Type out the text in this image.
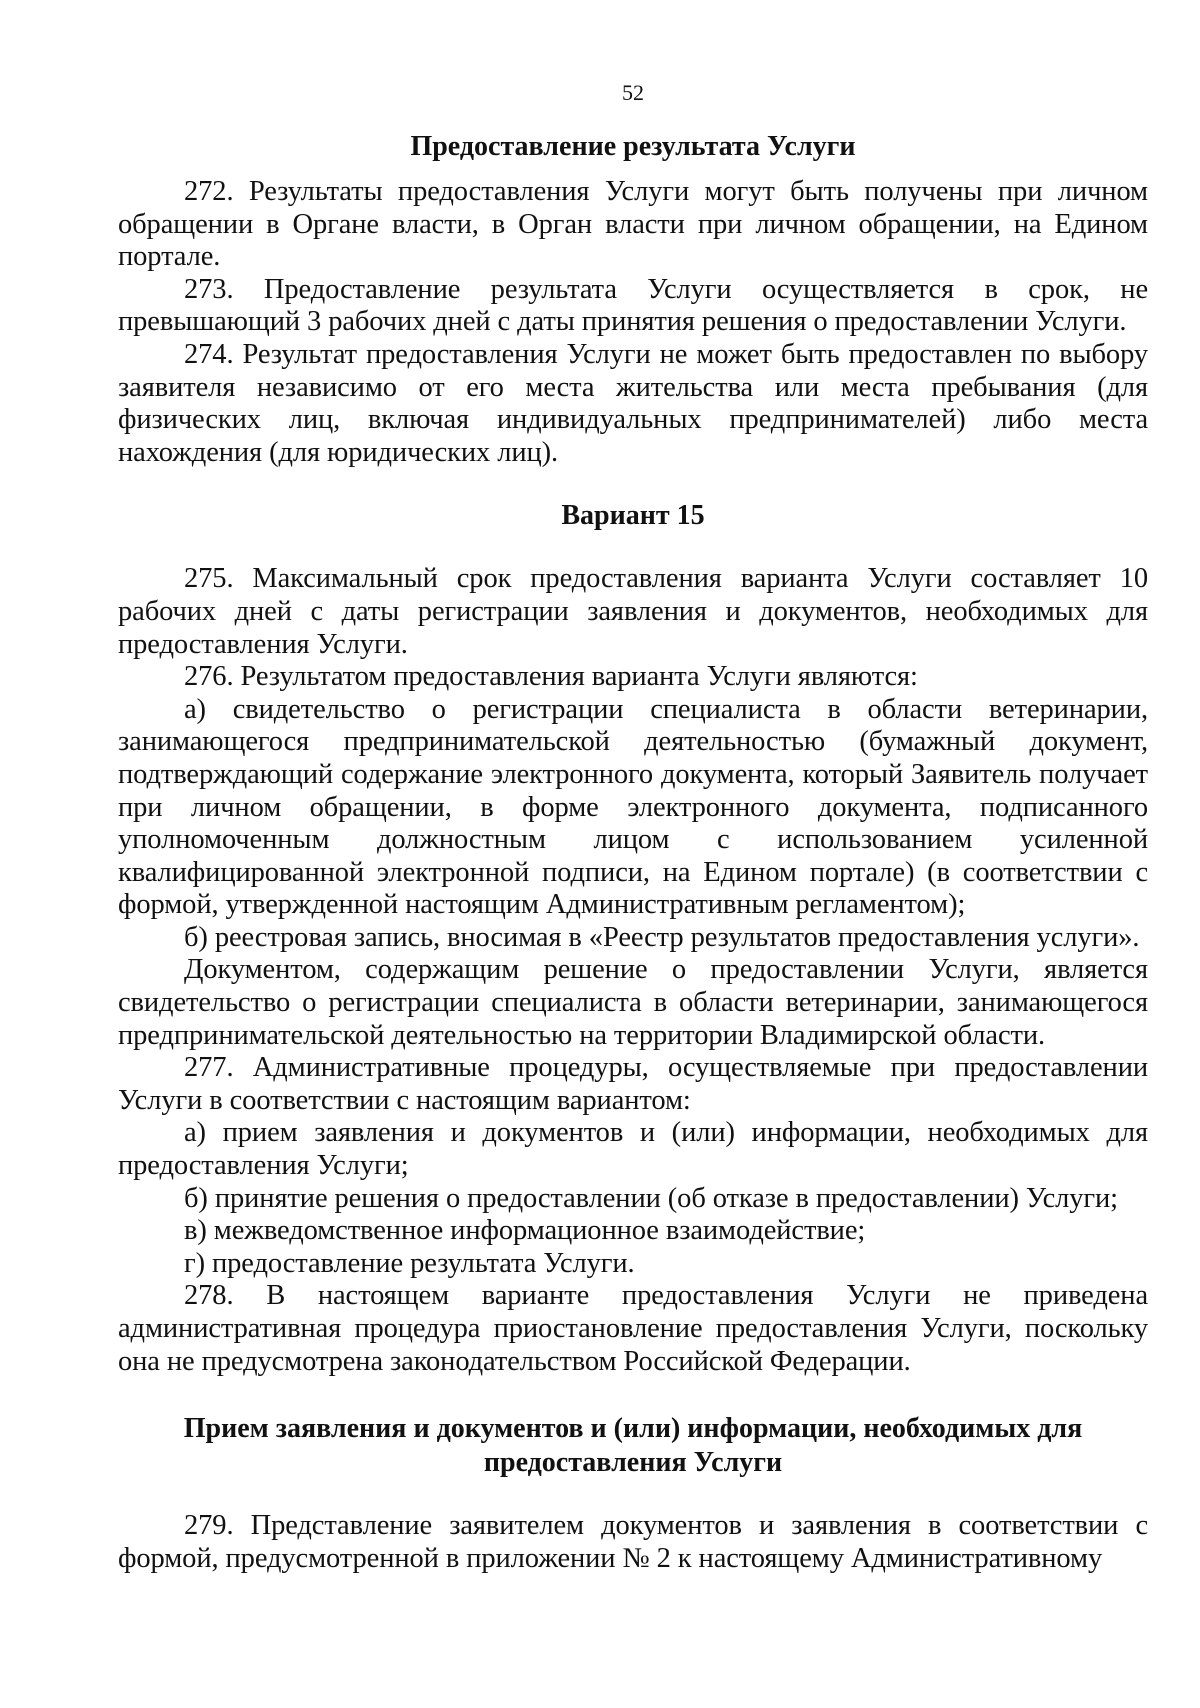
52
Предоставление результата Услуги

272. Результаты предоставления Услуги могут быть получены при личном обращении в Органе власти, в Орган власти при личном обращении, на Едином портале.

273. Предоставление результата Услуги осуществляется в срок, не превышающий 3 рабочих дней с даты принятия решения о предоставлении Услуги.

274. Результат предоставления Услуги не может быть предоставлен по выбору заявителя независимо от его места жительства или места пребывания (для физических лиц, включая индивидуальных предпринимателей) либо места нахождения (для юридических лиц).

Вариант 15

275. Максимальный срок предоставления варианта Услуги составляет 10 рабочих дней с даты регистрации заявления и документов, необходимых для предоставления Услуги.

276. Результатом предоставления варианта Услуги являются:

а) свидетельство о регистрации специалиста в области ветеринарии, занимающегося предпринимательской деятельностью (бумажный документ, подтверждающий содержание электронного документа, который Заявитель получает при личном обращении, в форме электронного документа, подписанного уполномоченным должностным лицом с использованием усиленной квалифицированной электронной подписи, на Едином портале) (в соответствии с формой, утвержденной настоящим Административным регламентом);

б) реестровая запись, вносимая в «Реестр результатов предоставления услуги».

Документом, содержащим решение о предоставлении Услуги, является свидетельство о регистрации специалиста в области ветеринарии, занимающегося предпринимательской деятельностью на территории Владимирской области.

277. Административные процедуры, осуществляемые при предоставлении Услуги в соответствии с настоящим вариантом:

а) прием заявления и документов и (или) информации, необходимых для предоставления Услуги;

б) принятие решения о предоставлении (об отказе в предоставлении) Услуги;

в) межведомственное информационное взаимодействие;

г) предоставление результата Услуги.

278. В настоящем варианте предоставления Услуги не приведена административная процедура приостановление предоставления Услуги, поскольку она не предусмотрена законодательством Российской Федерации.

Прием заявления и документов и (или) информации, необходимых для предоставления Услуги

279. Представление заявителем документов и заявления в соответствии с формой, предусмотренной в приложении № 2 к настоящему Административному
